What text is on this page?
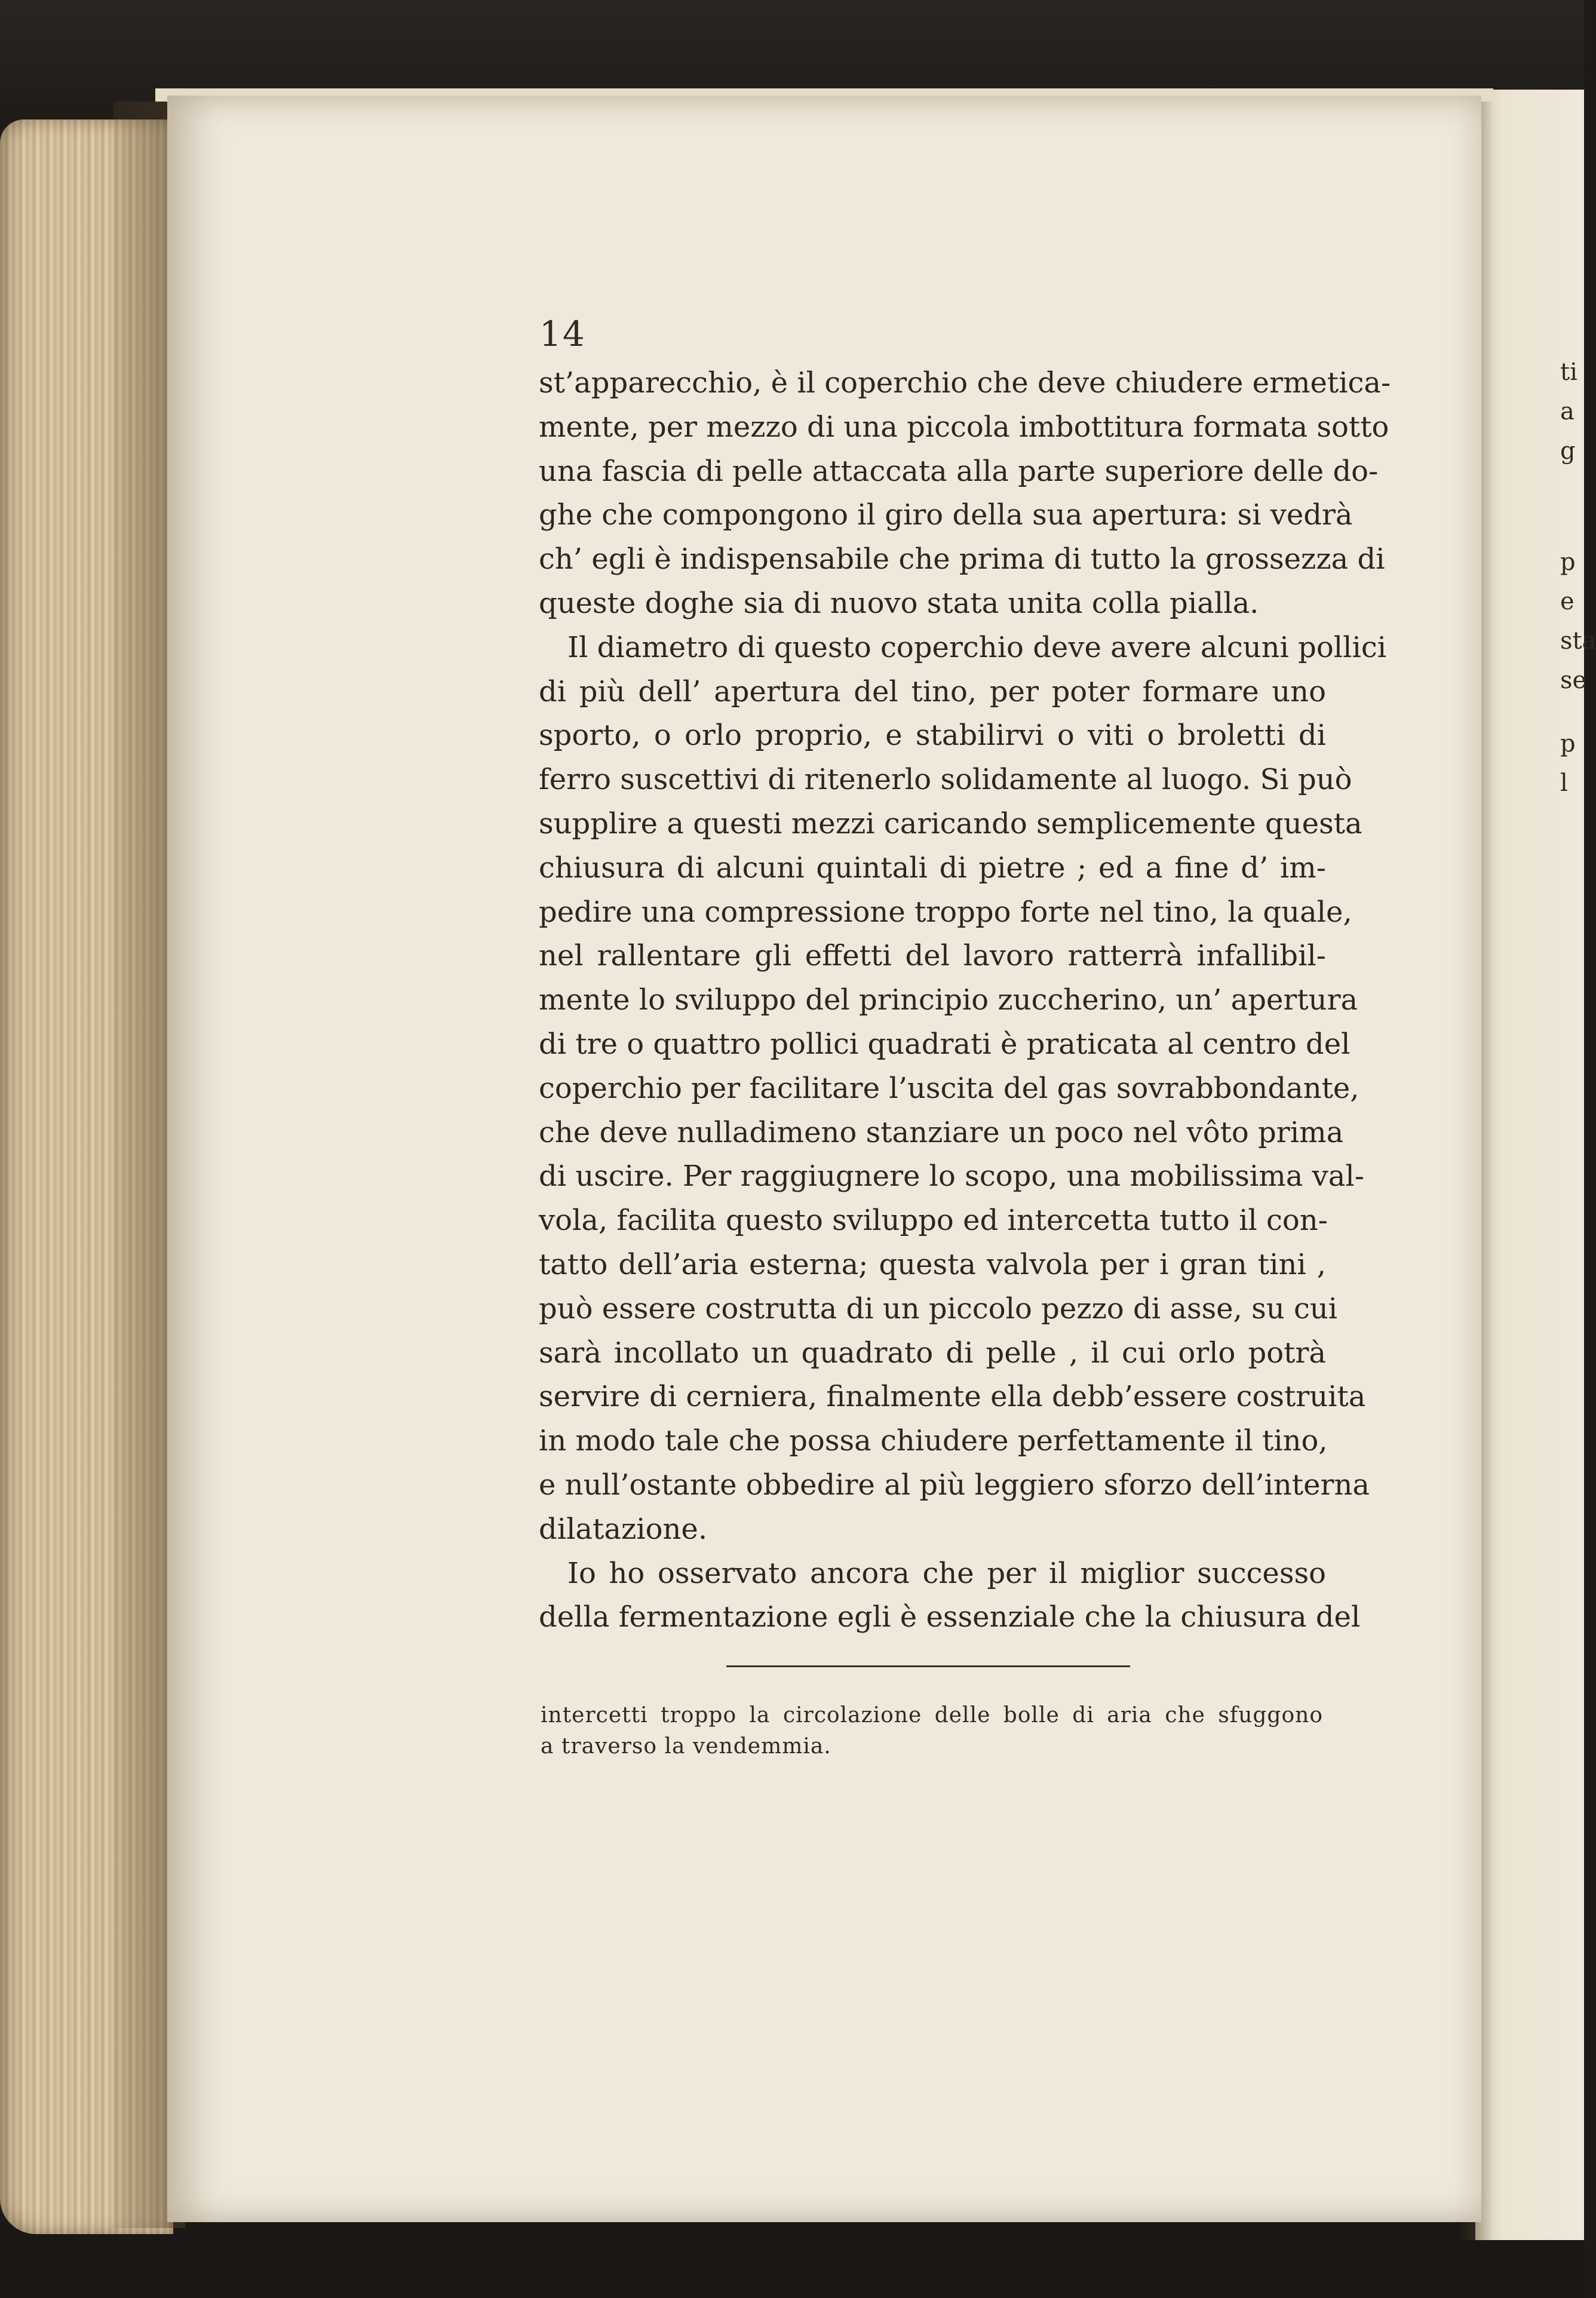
ti
a
g
p
e
sta
se
p
l
14
st’apparecchio, è il coperchio che deve chiudere ermetica-
mente, per mezzo di una piccola imbottitura formata sotto
una fascia di pelle attaccata alla parte superiore delle do-
ghe che compongono il giro della sua apertura: si vedrà
ch’ egli è indispensabile che prima di tutto la grossezza di
queste doghe sia di nuovo stata unita colla pialla.
Il diametro di questo coperchio deve avere alcuni pollici
di più dell’ apertura del tino, per poter formare uno
sporto, o orlo proprio, e stabilirvi o viti o broletti di
ferro suscettivi di ritenerlo solidamente al luogo. Si può
supplire a questi mezzi caricando semplicemente questa
chiusura di alcuni quintali di pietre ; ed a fine d’ im-
pedire una compressione troppo forte nel tino, la quale,
nel rallentare gli effetti del lavoro ratterrà infallibil-
mente lo sviluppo del principio zuccherino, un’ apertura
di tre o quattro pollici quadrati è praticata al centro del
coperchio per facilitare l’uscita del gas sovrabbondante,
che deve nulladimeno stanziare un poco nel vôto prima
di uscire. Per raggiugnere lo scopo, una mobilissima val-
vola, facilita questo sviluppo ed intercetta tutto il con-
tatto dell’aria esterna; questa valvola per i gran tini ,
può essere costrutta di un piccolo pezzo di asse, su cui
sarà incollato un quadrato di pelle , il cui orlo potrà
servire di cerniera, finalmente ella debb’essere costruita
in modo tale che possa chiudere perfettamente il tino,
e null’ostante obbedire al più leggiero sforzo dell’interna
dilatazione.
Io ho osservato ancora che per il miglior successo
della fermentazione egli è essenziale che la chiusura del
intercetti troppo la circolazione delle bolle di aria che sfuggono
a traverso la vendemmia.
